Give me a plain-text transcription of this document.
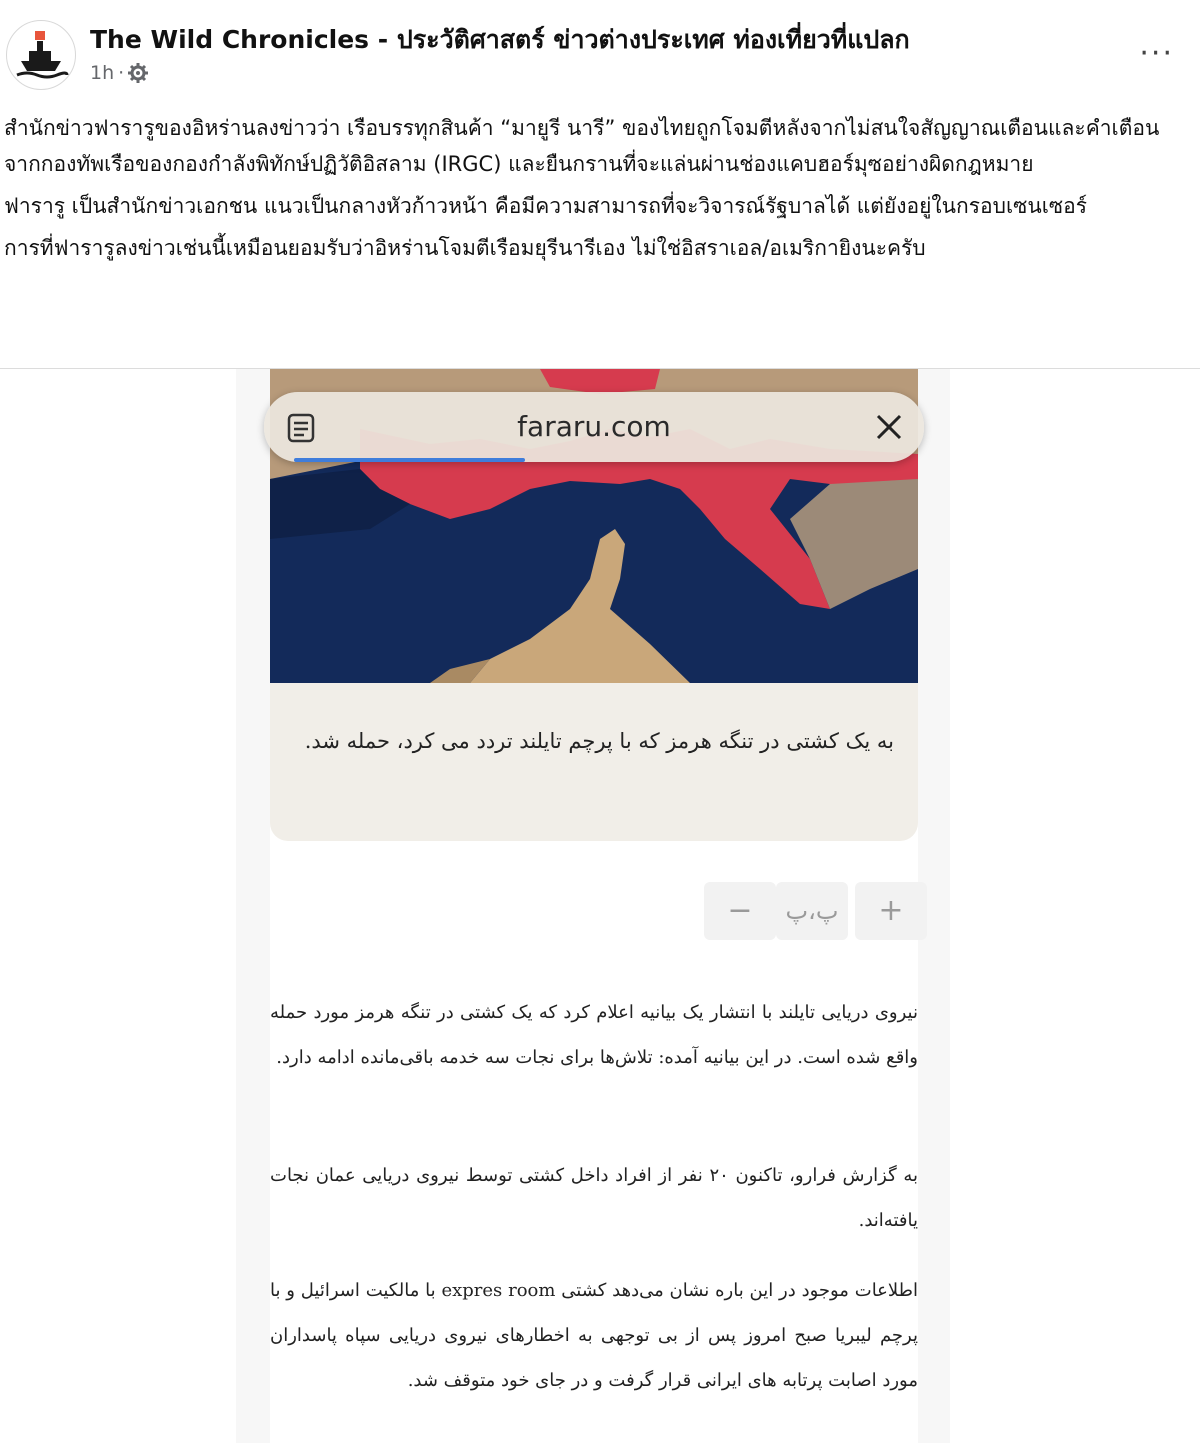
The Wild Chronicles - ประวัติศาสตร์ ข่าวต่างประเทศ ท่องเที่ยวที่แปลก
1h ·
···

สำนักข่าวฟารารูของอิหร่านลงข่าวว่า เรือบรรทุกสินค้า “มายูรี นารี” ของไทยถูกโจมตีหลังจากไม่สนใจสัญญาณเตือนและคำเตือนจากกองทัพเรือของกองกำลังพิทักษ์ปฏิวัติอิสลาม (IRGC) และยืนกรานที่จะแล่นผ่านช่องแคบฮอร์มุซอย่างผิดกฎหมาย

ฟารารู เป็นสำนักข่าวเอกชน แนวเป็นกลางหัวก้าวหน้า คือมีความสามารถที่จะวิจารณ์รัฐบาลได้ แต่ยังอยู่ในกรอบเซนเซอร์

การที่ฟารารูลงข่าวเช่นนี้เหมือนยอมรับว่าอิหร่านโจมตีเรือมยุรีนารีเอง ไม่ใช่อิสราเอล/อเมริกายิงนะครับ

fararu.com
به یک کشتی در تنگه هرمز که با پرچم تایلند تردد می کرد، حمله شد.
−	پ،پ	+
نیروی دریایی تایلند با انتشار یک بیانیه اعلام کرد که یک کشتی در تنگه هرمز مورد حمله واقع شده است. در این بیانیه آمده: تلاش‌ها برای نجات سه خدمه باقی‌مانده ادامه دارد.
به گزارش فرارو، تاکنون ۲۰ نفر از افراد داخل کشتی توسط نیروی دریایی عمان نجات یافته‌اند.
اطلاعات موجود در این باره نشان می‌دهد کشتی expres room با مالکیت اسرائیل و با پرچم لیبریا صبح امروز پس از بی توجهی به اخطارهای نیروی دریایی سپاه پاسداران مورد اصابت پرتابه های ایرانی قرار گرفت و در جای خود متوقف شد.
